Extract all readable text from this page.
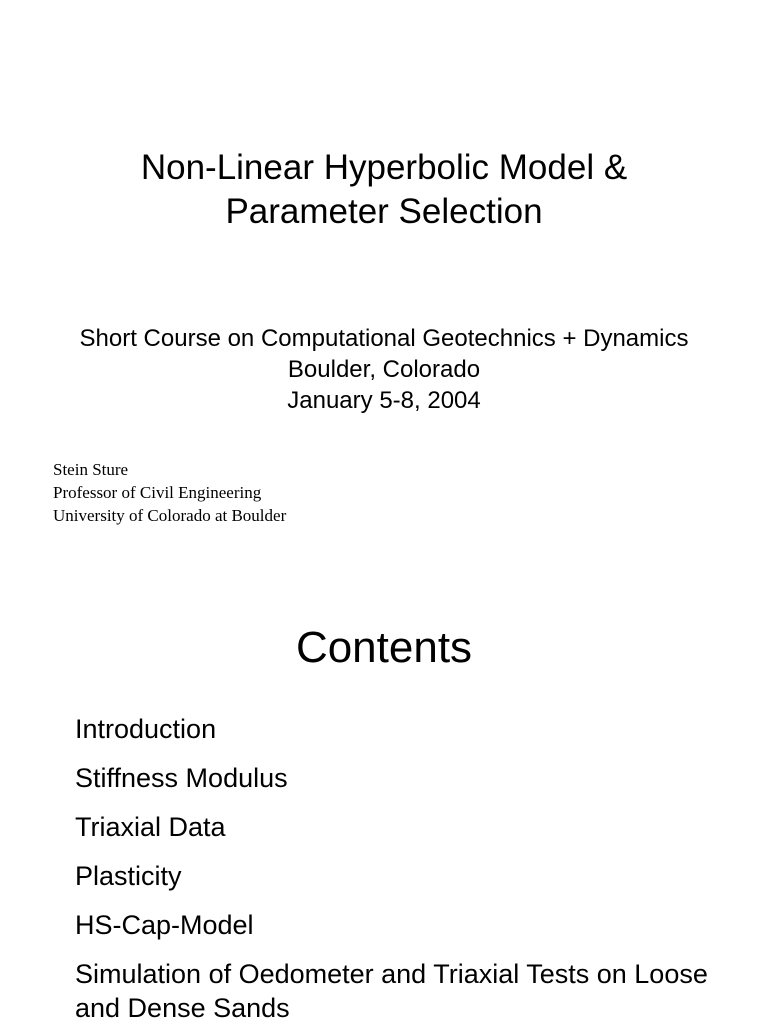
Non-Linear Hyperbolic Model &
Parameter Selection
Short Course on Computational Geotechnics + Dynamics
Boulder, Colorado
January 5-8, 2004
Stein Sture
Professor of Civil Engineering
University of Colorado at Boulder
Contents
Introduction
Stiffness Modulus
Triaxial Data
Plasticity
HS-Cap-Model
Simulation of Oedometer and Triaxial Tests on Loose and Dense Sands
